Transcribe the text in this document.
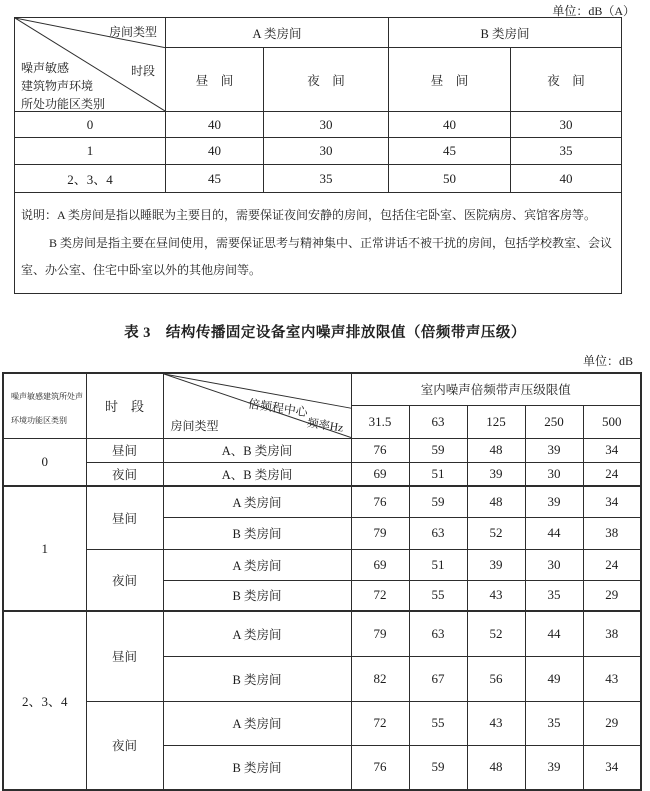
单位：dB（A）
房间类型
时段
噪声敏感
建筑物声环境
所处功能区类别	A 类房间		B 类房间	
	昼　间	夜　间	昼　间	夜　间
0	40	30	40	30
1	40	30	45	35
2、3、4	45	35	50	40

说明：A 类房间是指以睡眠为主要目的，需要保证夜间安静的房间，包括住宅卧室、医院病房、宾馆客房等。
B 类房间是指主要在昼间使用，需要保证思考与精神集中、正常讲话不被干扰的房间，包括学校教室、会议
室、办公室、住宅中卧室以外的其他房间等。				
表 3　结构传播固定设备室内噪声排放限值（倍频带声压级）
单位：dB
噪声敏感建筑所处声
环境功能区类别
	时　段	倍频程中心
频率Hz
房间类型
	室内噪声倍频带声压级限值
			31.5	63	125	250	500
0	昼间	A、B 类房间	76	59	48	39	34
	夜间	A、B 类房间	69	51	39	30	24
1	昼间	A 类房间	76	59	48	39	34
		B 类房间	79	63	52	44	38
	夜间	A 类房间	69	51	39	30	24
		B 类房间	72	55	43	35	29
2、3、4	昼间	A 类房间	79	63	52	44	38
		B 类房间	82	67	56	49	43
	夜间	A 类房间	72	55	43	35	29
		B 类房间	76	59	48	39	34
